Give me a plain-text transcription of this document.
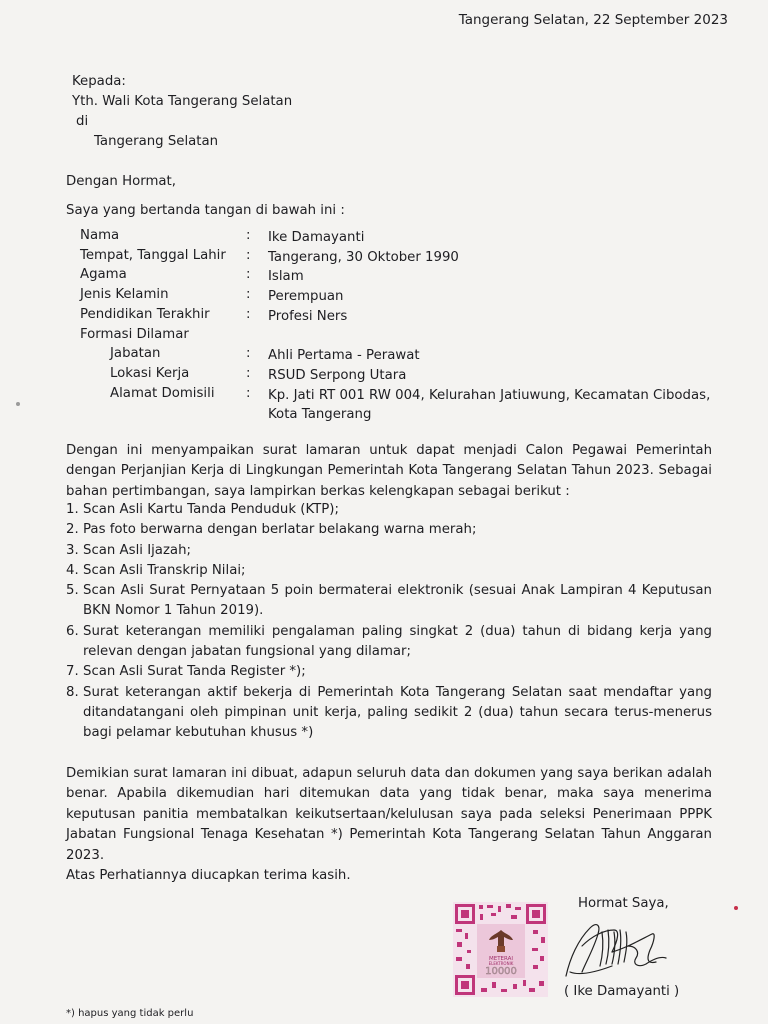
Tangerang Selatan, 22 September 2023
Kepada:
Yth. Wali Kota Tangerang Selatan
di
Tangerang Selatan
Dengan Hormat,
Saya yang bertanda tangan di bawah ini :
Nama	:	Ike Damayanti
Tempat, Tanggal Lahir	:	Tangerang, 30 Oktober 1990
Agama	:	Islam
Jenis Kelamin	:	Perempuan
Pendidikan Terakhir	:	Profesi Ners
Formasi Dilamar		
Jabatan	:	Ahli Pertama - Perawat
Lokasi Kerja	:	RSUD Serpong Utara
Alamat Domisili	:	Kp. Jati RT 001 RW 004, Kelurahan Jatiuwung, Kecamatan Cibodas,
Kota Tangerang
Dengan ini menyampaikan surat lamaran untuk dapat menjadi Calon Pegawai Pemerintah dengan Perjanjian Kerja di Lingkungan Pemerintah Kota Tangerang Selatan Tahun 2023. Sebagai bahan pertimbangan, saya lampirkan berkas kelengkapan sebagai berikut :
1. Scan Asli Kartu Tanda Penduduk (KTP);
2. Pas foto berwarna dengan berlatar belakang warna merah;
3. Scan Asli Ijazah;
4. Scan Asli Transkrip Nilai;
5. Scan Asli Surat Pernyataan 5 poin bermaterai elektronik (sesuai Anak Lampiran 4 Keputusan BKN Nomor 1 Tahun 2019).
6. Surat keterangan memiliki pengalaman paling singkat 2 (dua) tahun di bidang kerja yang relevan dengan jabatan fungsional yang dilamar;
7. Scan Asli Surat Tanda Register *);
8. Surat keterangan aktif bekerja di Pemerintah Kota Tangerang Selatan saat mendaftar yang ditandatangani oleh pimpinan unit kerja, paling sedikit 2 (dua) tahun secara terus-menerus bagi pelamar kebutuhan khusus *)
Demikian surat lamaran ini dibuat, adapun seluruh data dan dokumen yang saya berikan adalah benar. Apabila dikemudian hari ditemukan data yang tidak benar, maka saya menerima keputusan panitia membatalkan keikutsertaan/kelulusan saya pada seleksi Penerimaan PPPK Jabatan Fungsional Tenaga Kesehatan *) Pemerintah Kota Tangerang Selatan Tahun Anggaran 2023.
Atas Perhatiannya diucapkan terima kasih.
Hormat Saya,
METERAI
ELEKTRONIK
10000
( Ike Damayanti )
*) hapus yang tidak perlu
